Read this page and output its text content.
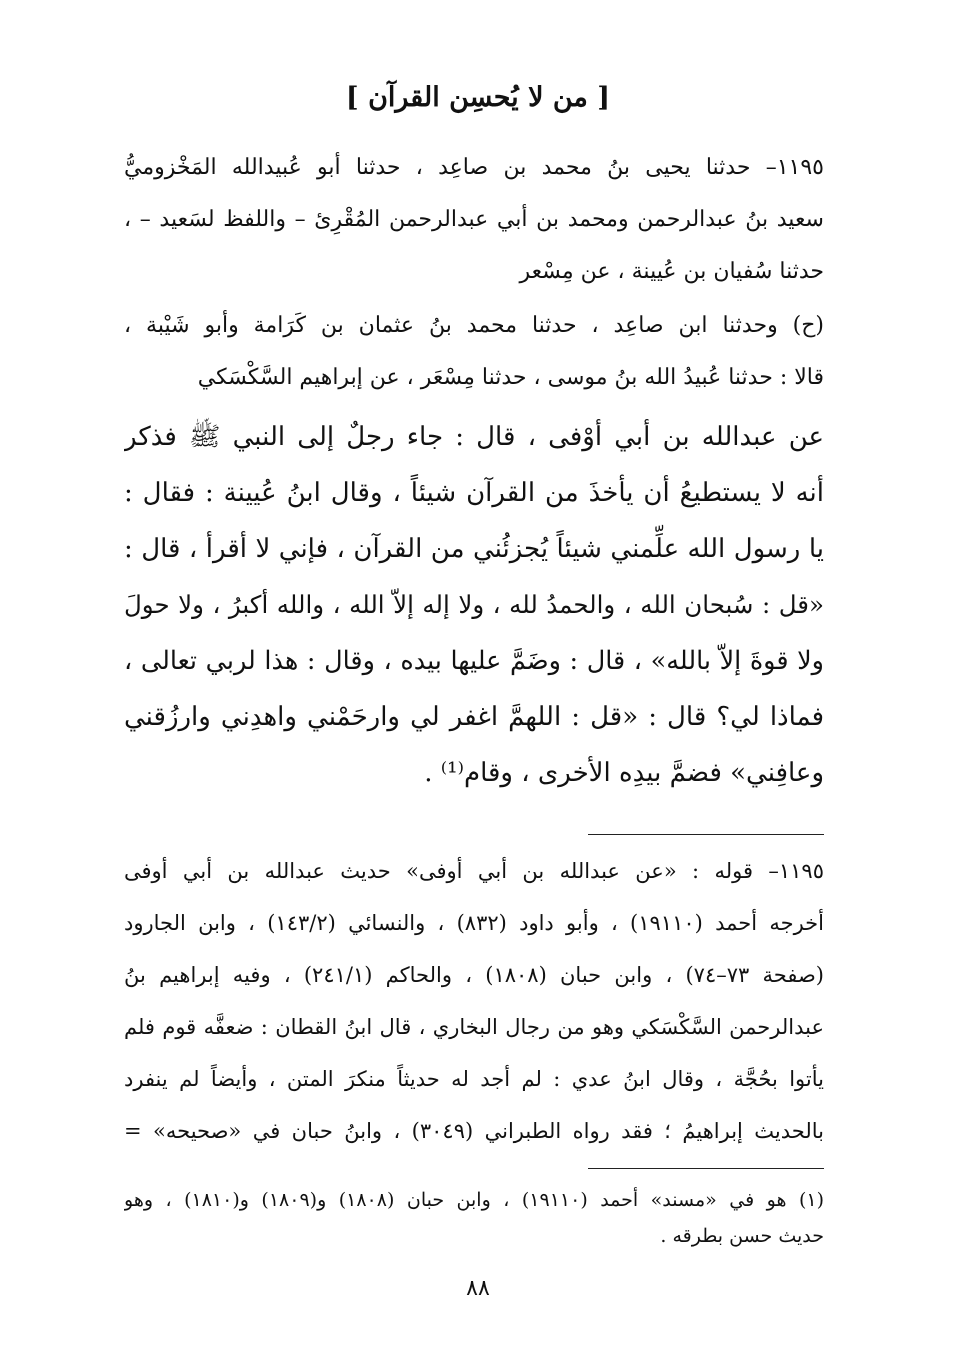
[ من لا يُحسِن القرآن ]
١١٩٥– حدثنا يحيى بنُ محمد بن صاعِد ، حدثنا أبو عُبيدالله المَخْزوميُّ
سعيد بنُ عبدالرحمن ومحمد بن أبي عبدالرحمن المُقْرِئ – واللفظ لسَعيد – ،
حدثنا سُفيان بن عُيينة ، عن مِسْعر
(ح) وحدثنا ابن صاعِد ، حدثنا محمد بنُ عثمان بن كَرَامة وأبو شَيْبة ،
قالا : حدثنا عُبيدُ الله بنُ موسى ، حدثنا مِسْعَر ، عن إبراهيم السَّكْسَكي
عن عبدالله بن أبي أوْفى ، قال : جاء رجلٌ إلى النبي ﷺ فذكر
أنه لا يستطيعُ أن يأخذَ من القرآن شيئاً ، وقال ابنُ عُيينة : فقال :
يا رسول الله علِّمني شيئاً يُجزئُني من القرآن ، فإني لا أقرأ ، قال :
«قل : سُبحان الله ، والحمدُ لله ، ولا إله إلاّ الله ، والله أكبرُ ، ولا حولَ
ولا قوةَ إلاّ بالله» ، قال : وضَمَّ عليها بيده ، وقال : هذا لربي تعالى ،
فماذا لي؟ قال : «قل : اللهمَّ اغفر لي وارحَمْني واهدِني وارزُقني
وعافِني» فضمَّ بيدِه الأخرى ، وقام⁽¹⁾ .
١١٩٥– قوله : «عن عبدالله بن أبي أوفى» حديث عبدالله بن أبي أوفى
أخرجه أحمد (١٩١١٠) ، وأبو داود (٨٣٢) ، والنسائي (١٤٣/٢) ، وابن الجارود
(صفحة ٧٣–٧٤) ، وابن حبان (١٨٠٨) ، والحاكم (٢٤١/١) ، وفيه إبراهيم بنُ
عبدالرحمن السَّكْسَكي وهو من رجال البخاري ، قال ابنُ القطان : ضعفَّه قوم فلم
يأتوا بحُجَّة ، وقال ابنُ عدي : لم أجد له حديثاً منكرَ المتن ، وأيضاً لم ينفرد
بالحديث إبراهيمُ ؛ فقد رواه الطبراني (٣٠٤٩) ، وابنُ حبان في «صحيحه» =
(١) هو في «مسند» أحمد (١٩١١٠) ، وابن حبان (١٨٠٨) و(١٨٠٩) و(١٨١٠) ، وهو
حديث حسن بطرقه .
٨٨
